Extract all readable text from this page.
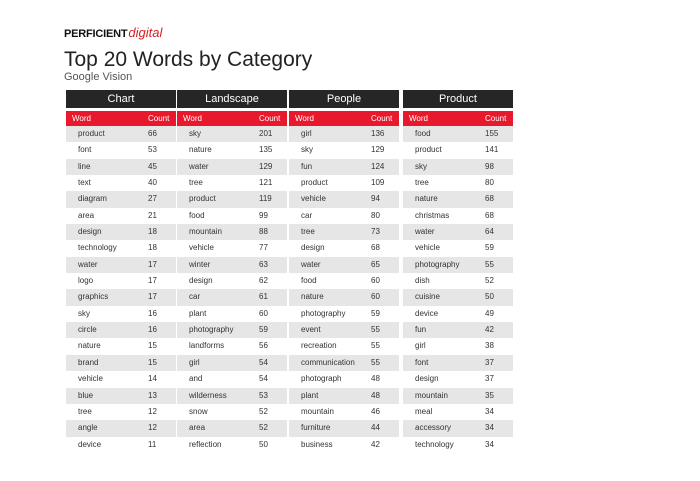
PERFICIENT digital
Top 20 Words by Category
Google Vision
Chart
Word	Count
product	66
font	53
line	45
text	40
diagram	27
area	21
design	18
technology	18
water	17
logo	17
graphics	17
sky	16
circle	16
nature	15
brand	15
vehicle	14
blue	13
tree	12
angle	12
device	11
Landscape
Word	Count
sky	201
nature	135
water	129
tree	121
product	119
food	99
mountain	88
vehicle	77
winter	63
design	62
car	61
plant	60
photography	59
landforms	56
girl	54
and	54
wilderness	53
snow	52
area	52
reflection	50
People
Word	Count
girl	136
sky	129
fun	124
product	109
vehicle	94
car	80
tree	73
design	68
water	65
food	60
nature	60
photography	59
event	55
recreation	55
communication 55
photograph	48
plant	48
mountain	46
furniture	44
business	42
Product
Word	Count
food	155
product	141
sky	98
tree	80
nature	68
christmas	68
water	64
vehicle	59
photography	55
dish	52
cuisine	50
device	49
fun	42
girl	38
font	37
design	37
mountain	35
meal	34
accessory	34
technology	34
